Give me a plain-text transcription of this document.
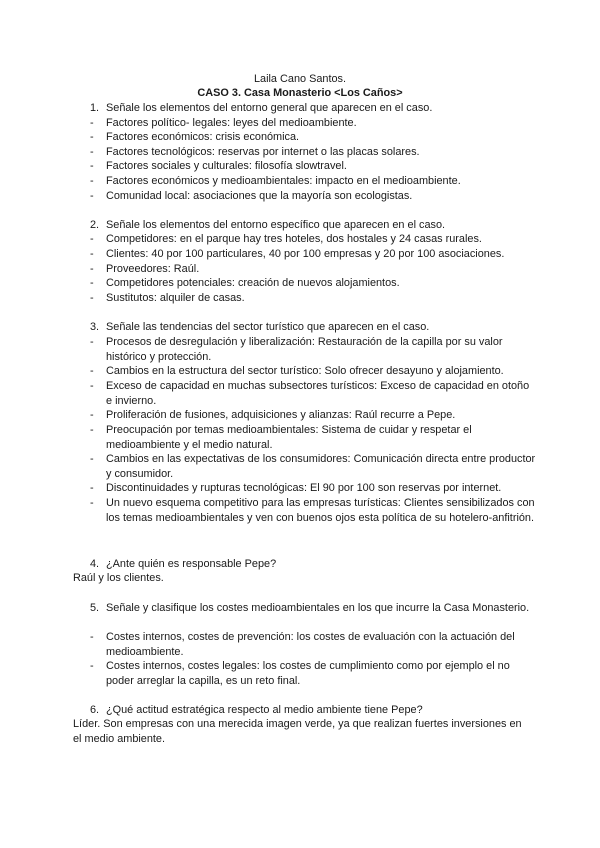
Laila Cano Santos.
CASO 3. Casa Monasterio <Los Caños>
1. Señale los elementos del entorno general que aparecen en el caso.
- Factores político- legales: leyes del medioambiente.
- Factores económicos: crisis económica.
- Factores tecnológicos: reservas por internet o las placas solares.
- Factores sociales y culturales: filosofía slowtravel.
- Factores económicos y medioambientales: impacto en el medioambiente.
- Comunidad local: asociaciones que la mayoría son ecologistas.
2. Señale los elementos del entorno específico que aparecen en el caso.
- Competidores: en el parque hay tres hoteles, dos hostales y 24 casas rurales.
- Clientes: 40 por 100 particulares, 40 por 100 empresas y 20 por 100 asociaciones.
- Proveedores: Raúl.
- Competidores potenciales: creación de nuevos alojamientos.
- Sustitutos: alquiler de casas.
3. Señale las tendencias del sector turístico que aparecen en el caso.
- Procesos de desregulación y liberalización: Restauración de la capilla por su valor histórico y protección.
- Cambios en la estructura del sector turístico: Solo ofrecer desayuno y alojamiento.
- Exceso de capacidad en muchas subsectores turísticos: Exceso de capacidad en otoño e invierno.
- Proliferación de fusiones, adquisiciones y alianzas: Raúl recurre a Pepe.
- Preocupación por temas medioambientales: Sistema de cuidar y respetar el medioambiente y el medio natural.
- Cambios en las expectativas de los consumidores: Comunicación directa entre productor y consumidor.
- Discontinuidades y rupturas tecnológicas: El 90 por 100 son reservas por internet.
- Un nuevo esquema competitivo para las empresas turísticas: Clientes sensibilizados con los temas medioambientales y ven con buenos ojos esta política de su hotelero-anfitrión.
4. ¿Ante quién es responsable Pepe?
Raúl y los clientes.
5. Señale y clasifique los costes medioambientales en los que incurre la Casa Monasterio.
- Costes internos, costes de prevención: los costes de evaluación con la actuación del medioambiente.
- Costes internos, costes legales: los costes de cumplimiento como por ejemplo el no poder arreglar la capilla, es un reto final.
6. ¿Qué actitud estratégica respecto al medio ambiente tiene Pepe?
Líder. Son empresas con una merecida imagen verde, ya que realizan fuertes inversiones en el medio ambiente.
